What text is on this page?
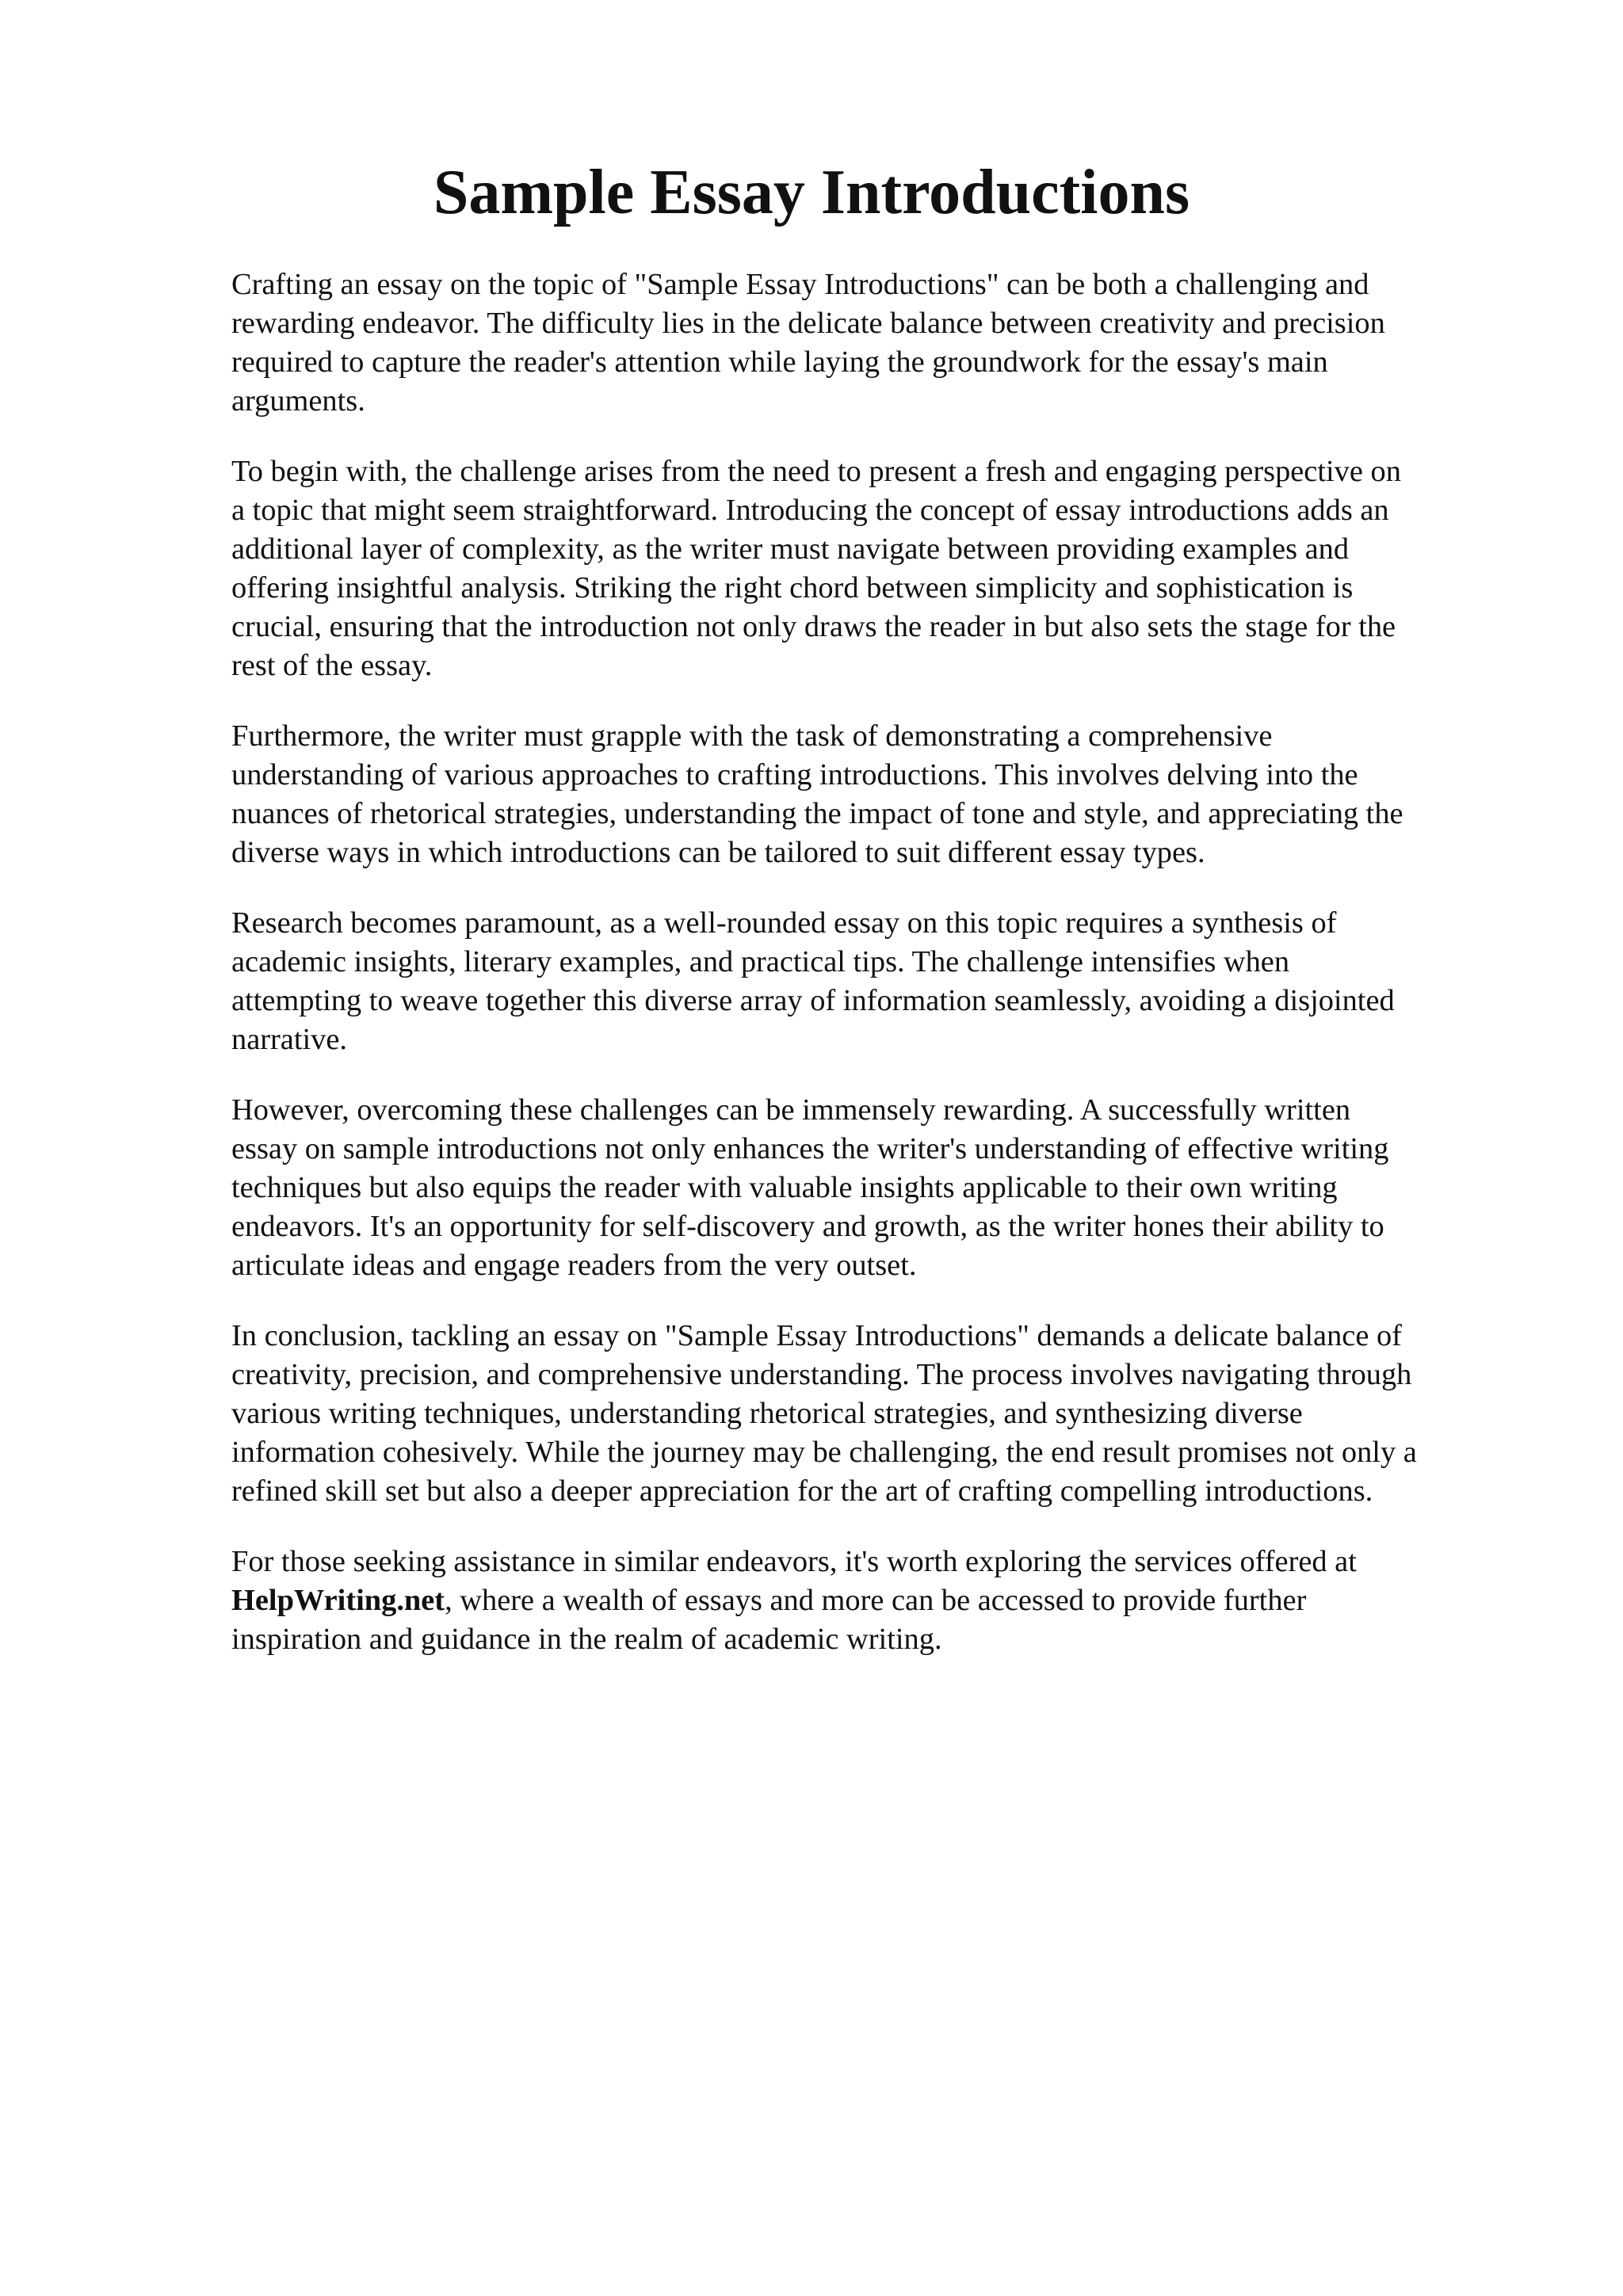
Sample Essay Introductions

Crafting an essay on the topic of "Sample Essay Introductions" can be both a challenging and
rewarding endeavor. The difficulty lies in the delicate balance between creativity and precision
required to capture the reader's attention while laying the groundwork for the essay's main
arguments.

To begin with, the challenge arises from the need to present a fresh and engaging perspective on
a topic that might seem straightforward. Introducing the concept of essay introductions adds an
additional layer of complexity, as the writer must navigate between providing examples and
offering insightful analysis. Striking the right chord between simplicity and sophistication is
crucial, ensuring that the introduction not only draws the reader in but also sets the stage for the
rest of the essay.

Furthermore, the writer must grapple with the task of demonstrating a comprehensive
understanding of various approaches to crafting introductions. This involves delving into the
nuances of rhetorical strategies, understanding the impact of tone and style, and appreciating the
diverse ways in which introductions can be tailored to suit different essay types.

Research becomes paramount, as a well-rounded essay on this topic requires a synthesis of
academic insights, literary examples, and practical tips. The challenge intensifies when
attempting to weave together this diverse array of information seamlessly, avoiding a disjointed
narrative.

However, overcoming these challenges can be immensely rewarding. A successfully written
essay on sample introductions not only enhances the writer's understanding of effective writing
techniques but also equips the reader with valuable insights applicable to their own writing
endeavors. It's an opportunity for self-discovery and growth, as the writer hones their ability to
articulate ideas and engage readers from the very outset.

In conclusion, tackling an essay on "Sample Essay Introductions" demands a delicate balance of
creativity, precision, and comprehensive understanding. The process involves navigating through
various writing techniques, understanding rhetorical strategies, and synthesizing diverse
information cohesively. While the journey may be challenging, the end result promises not only a
refined skill set but also a deeper appreciation for the art of crafting compelling introductions.

For those seeking assistance in similar endeavors, it's worth exploring the services offered at
HelpWriting.net, where a wealth of essays and more can be accessed to provide further
inspiration and guidance in the realm of academic writing.
